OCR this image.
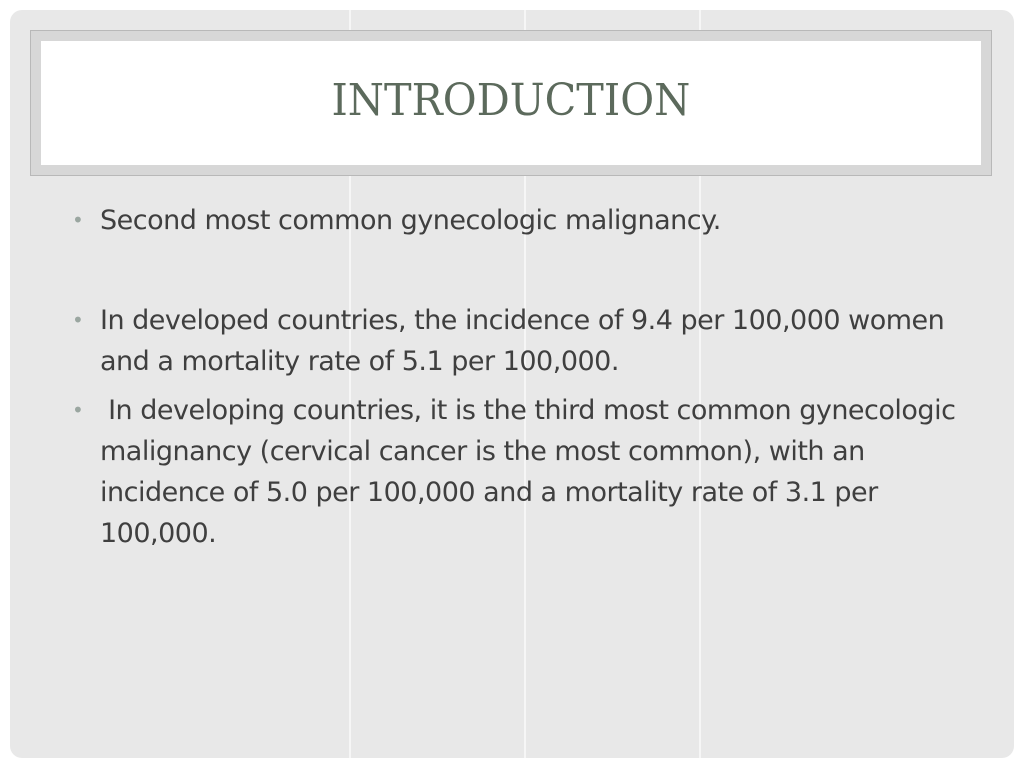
INTRODUCTION
• Second most common gynecologic malignancy.
• In developed countries, the incidence of 9.4 per 100,000 women and a mortality rate of 5.1 per 100,000.
• In developing countries, it is the third most common gynecologic malignancy (cervical cancer is the most common), with an incidence of 5.0 per 100,000 and a mortality rate of 3.1 per 100,000.
